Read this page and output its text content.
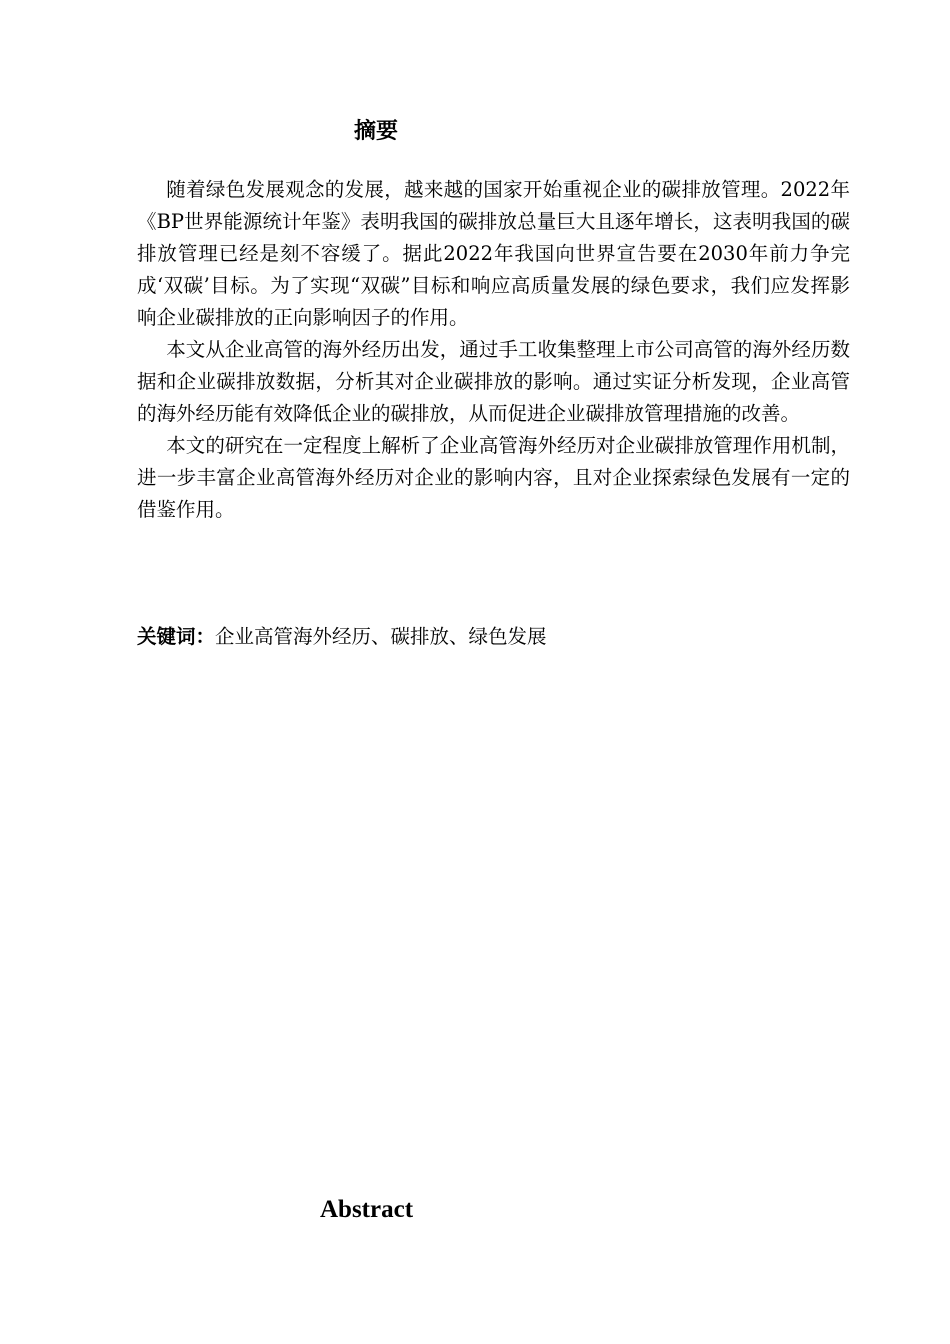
摘要

随着绿色发展观念的发展，越来越的国家开始重视企业的碳排放管理。2022年《BP世界能源统计年鉴》表明我国的碳排放总量巨大且逐年增长，这表明我国的碳排放管理已经是刻不容缓了。据此2022年我国向世界宣告要在2030年前力争完成‘双碳’目标。为了实现“双碳”目标和响应高质量发展的绿色要求，我们应发挥影响企业碳排放的正向影响因子的作用。

本文从企业高管的海外经历出发，通过手工收集整理上市公司高管的海外经历数据和企业碳排放数据，分析其对企业碳排放的影响。通过实证分析发现，企业高管的海外经历能有效降低企业的碳排放，从而促进企业碳排放管理措施的改善。

本文的研究在一定程度上解析了企业高管海外经历对企业碳排放管理作用机制，进一步丰富企业高管海外经历对企业的影响内容，且对企业探索绿色发展有一定的借鉴作用。

关键词：企业高管海外经历、碳排放、绿色发展
Abstract
